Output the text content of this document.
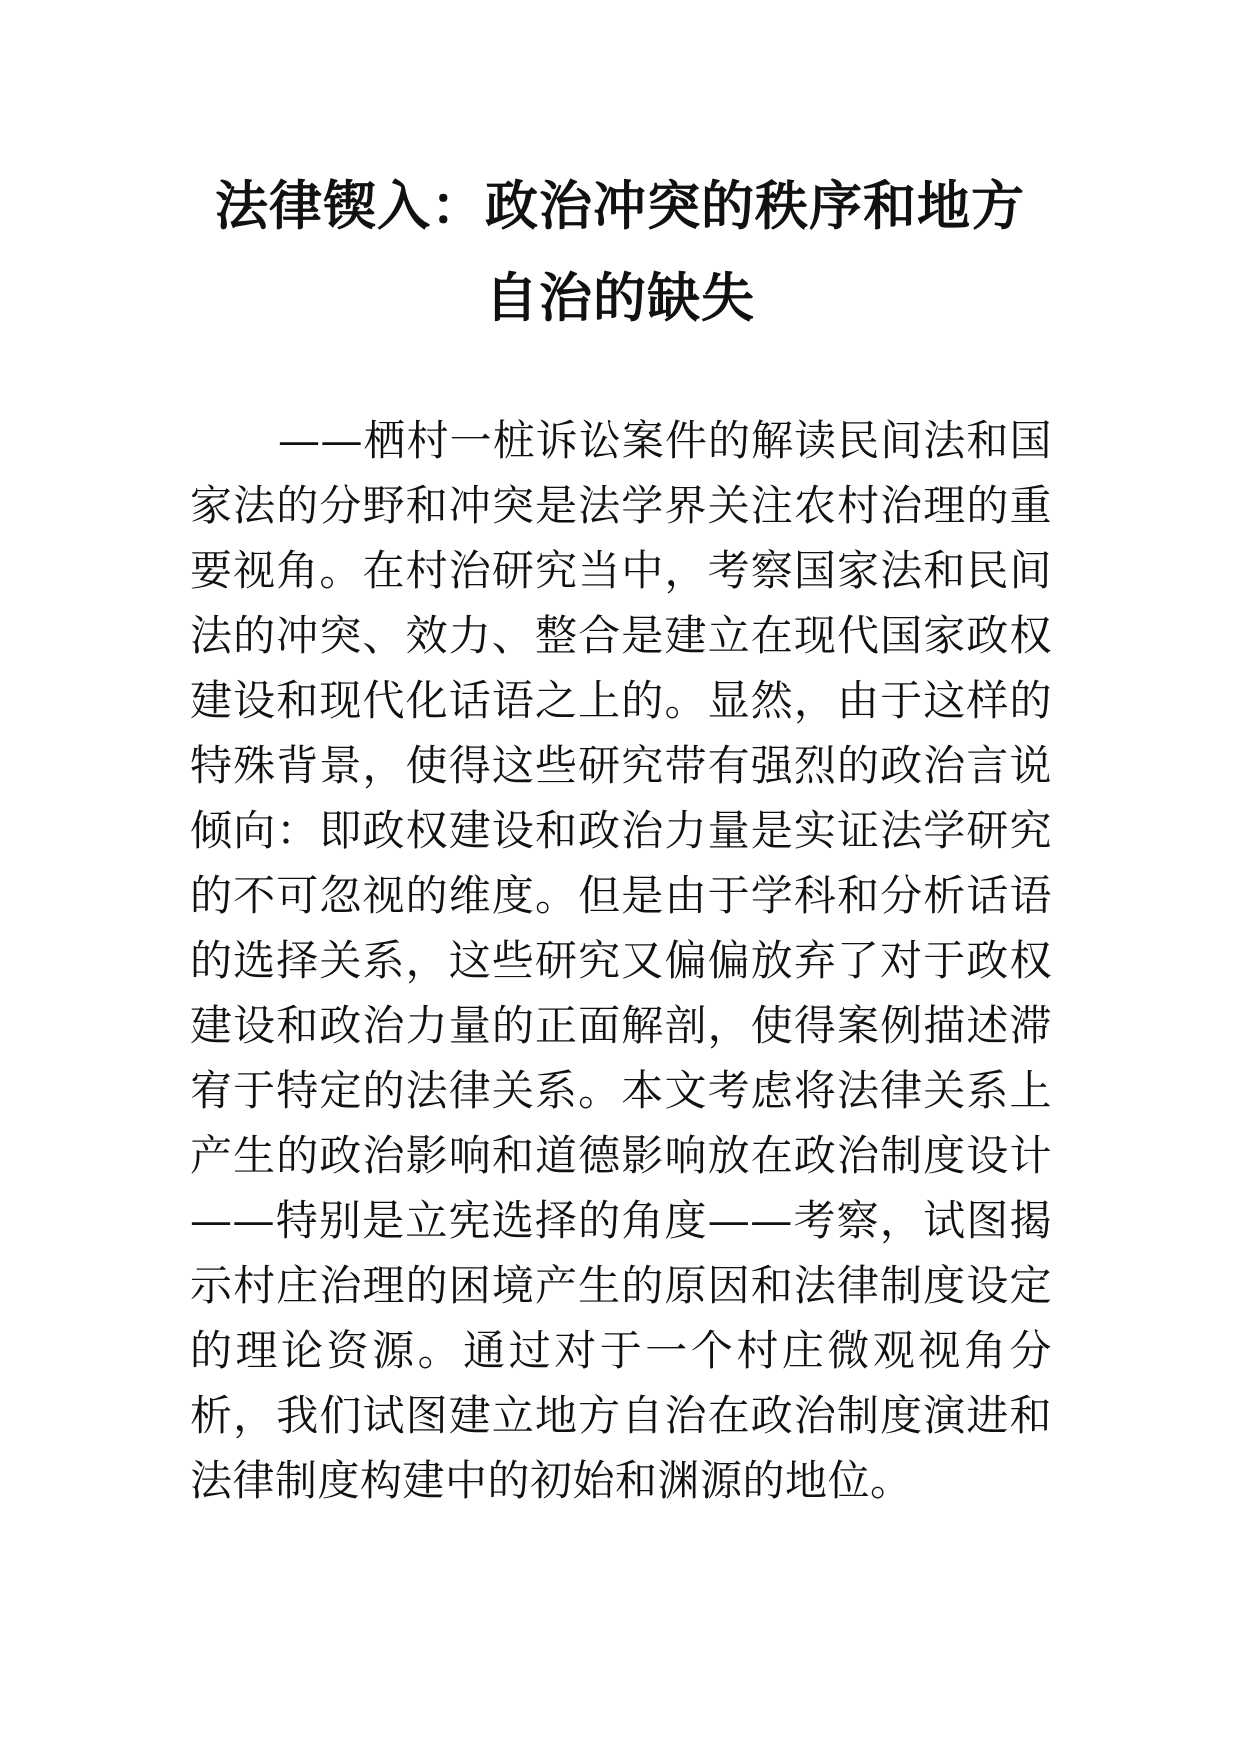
法律锲入：政治冲突的秩序和地方自治的缺失

——栖村一桩诉讼案件的解读民间法和国家法的分野和冲突是法学界关注农村治理的重要视角。在村治研究当中，考察国家法和民间法的冲突、效力、整合是建立在现代国家政权建设和现代化话语之上的。显然，由于这样的特殊背景，使得这些研究带有强烈的政治言说倾向：即政权建设和政治力量是实证法学研究的不可忽视的维度。但是由于学科和分析话语的选择关系，这些研究又偏偏放弃了对于政权建设和政治力量的正面解剖，使得案例描述滞宥于特定的法律关系。本文考虑将法律关系上产生的政治影响和道德影响放在政治制度设计——特别是立宪选择的角度——考察，试图揭示村庄治理的困境产生的原因和法律制度设定的理论资源。通过对于一个村庄微观视角分析，我们试图建立地方自治在政治制度演进和法律制度构建中的初始和渊源的地位。
